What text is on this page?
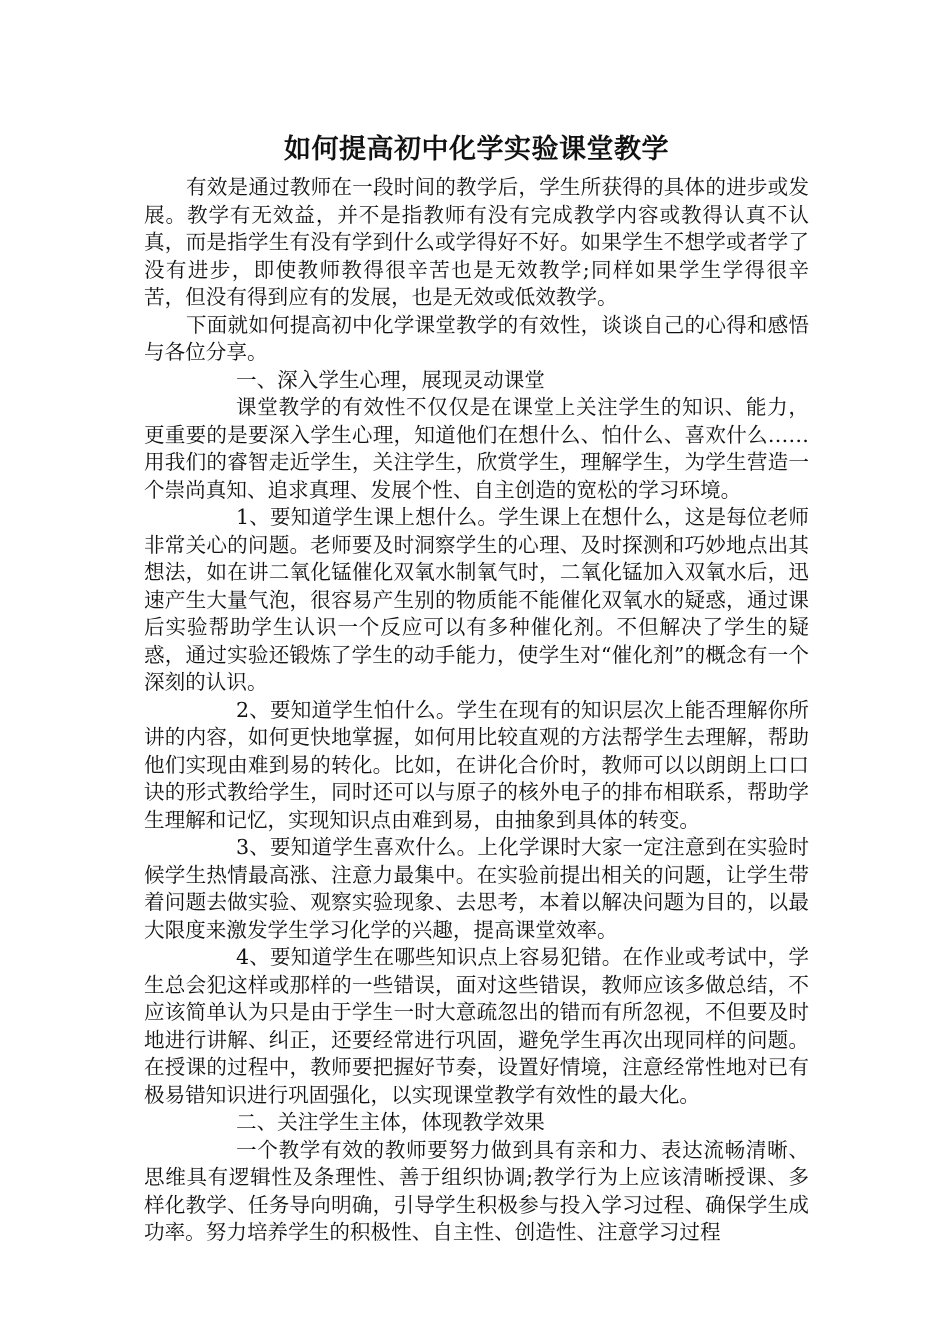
如何提高初中化学实验课堂教学

有效是通过教师在一段时间的教学后，学生所获得的具体的进步或发展。教学有无效益，并不是指教师有没有完成教学内容或教得认真不认真，而是指学生有没有学到什么或学得好不好。如果学生不想学或者学了没有进步，即使教师教得很辛苦也是无效教学;同样如果学生学得很辛苦，但没有得到应有的发展，也是无效或低效教学。

下面就如何提高初中化学课堂教学的有效性，谈谈自己的心得和感悟与各位分享。

一、深入学生心理，展现灵动课堂

课堂教学的有效性不仅仅是在课堂上关注学生的知识、能力，更重要的是要深入学生心理，知道他们在想什么、怕什么、喜欢什么……用我们的睿智走近学生，关注学生，欣赏学生，理解学生，为学生营造一个崇尚真知、追求真理、发展个性、自主创造的宽松的学习环境。

1、要知道学生课上想什么。学生课上在想什么，这是每位老师非常关心的问题。老师要及时洞察学生的心理、及时探测和巧妙地点出其想法，如在讲二氧化锰催化双氧水制氧气时，二氧化锰加入双氧水后，迅速产生大量气泡，很容易产生别的物质能不能催化双氧水的疑惑，通过课后实验帮助学生认识一个反应可以有多种催化剂。不但解决了学生的疑惑，通过实验还锻炼了学生的动手能力，使学生对“催化剂”的概念有一个深刻的认识。

2、要知道学生怕什么。学生在现有的知识层次上能否理解你所讲的内容，如何更快地掌握，如何用比较直观的方法帮学生去理解，帮助他们实现由难到易的转化。比如，在讲化合价时，教师可以以朗朗上口口诀的形式教给学生，同时还可以与原子的核外电子的排布相联系，帮助学生理解和记忆，实现知识点由难到易，由抽象到具体的转变。

3、要知道学生喜欢什么。上化学课时大家一定注意到在实验时候学生热情最高涨、注意力最集中。在实验前提出相关的问题，让学生带着问题去做实验、观察实验现象、去思考，本着以解决问题为目的，以最大限度来激发学生学习化学的兴趣，提高课堂效率。

4、要知道学生在哪些知识点上容易犯错。在作业或考试中，学生总会犯这样或那样的一些错误，面对这些错误，教师应该多做总结，不应该简单认为只是由于学生一时大意疏忽出的错而有所忽视，不但要及时地进行讲解、纠正，还要经常进行巩固，避免学生再次出现同样的问题。在授课的过程中，教师要把握好节奏，设置好情境，注意经常性地对已有极易错知识进行巩固强化，以实现课堂教学有效性的最大化。

二、关注学生主体，体现教学效果

一个教学有效的教师要努力做到具有亲和力、表达流畅清晰、思维具有逻辑性及条理性、善于组织协调;教学行为上应该清晰授课、多样化教学、任务导向明确，引导学生积极参与投入学习过程、确保学生成功率。努力培养学生的积极性、自主性、创造性、注意学习过程
